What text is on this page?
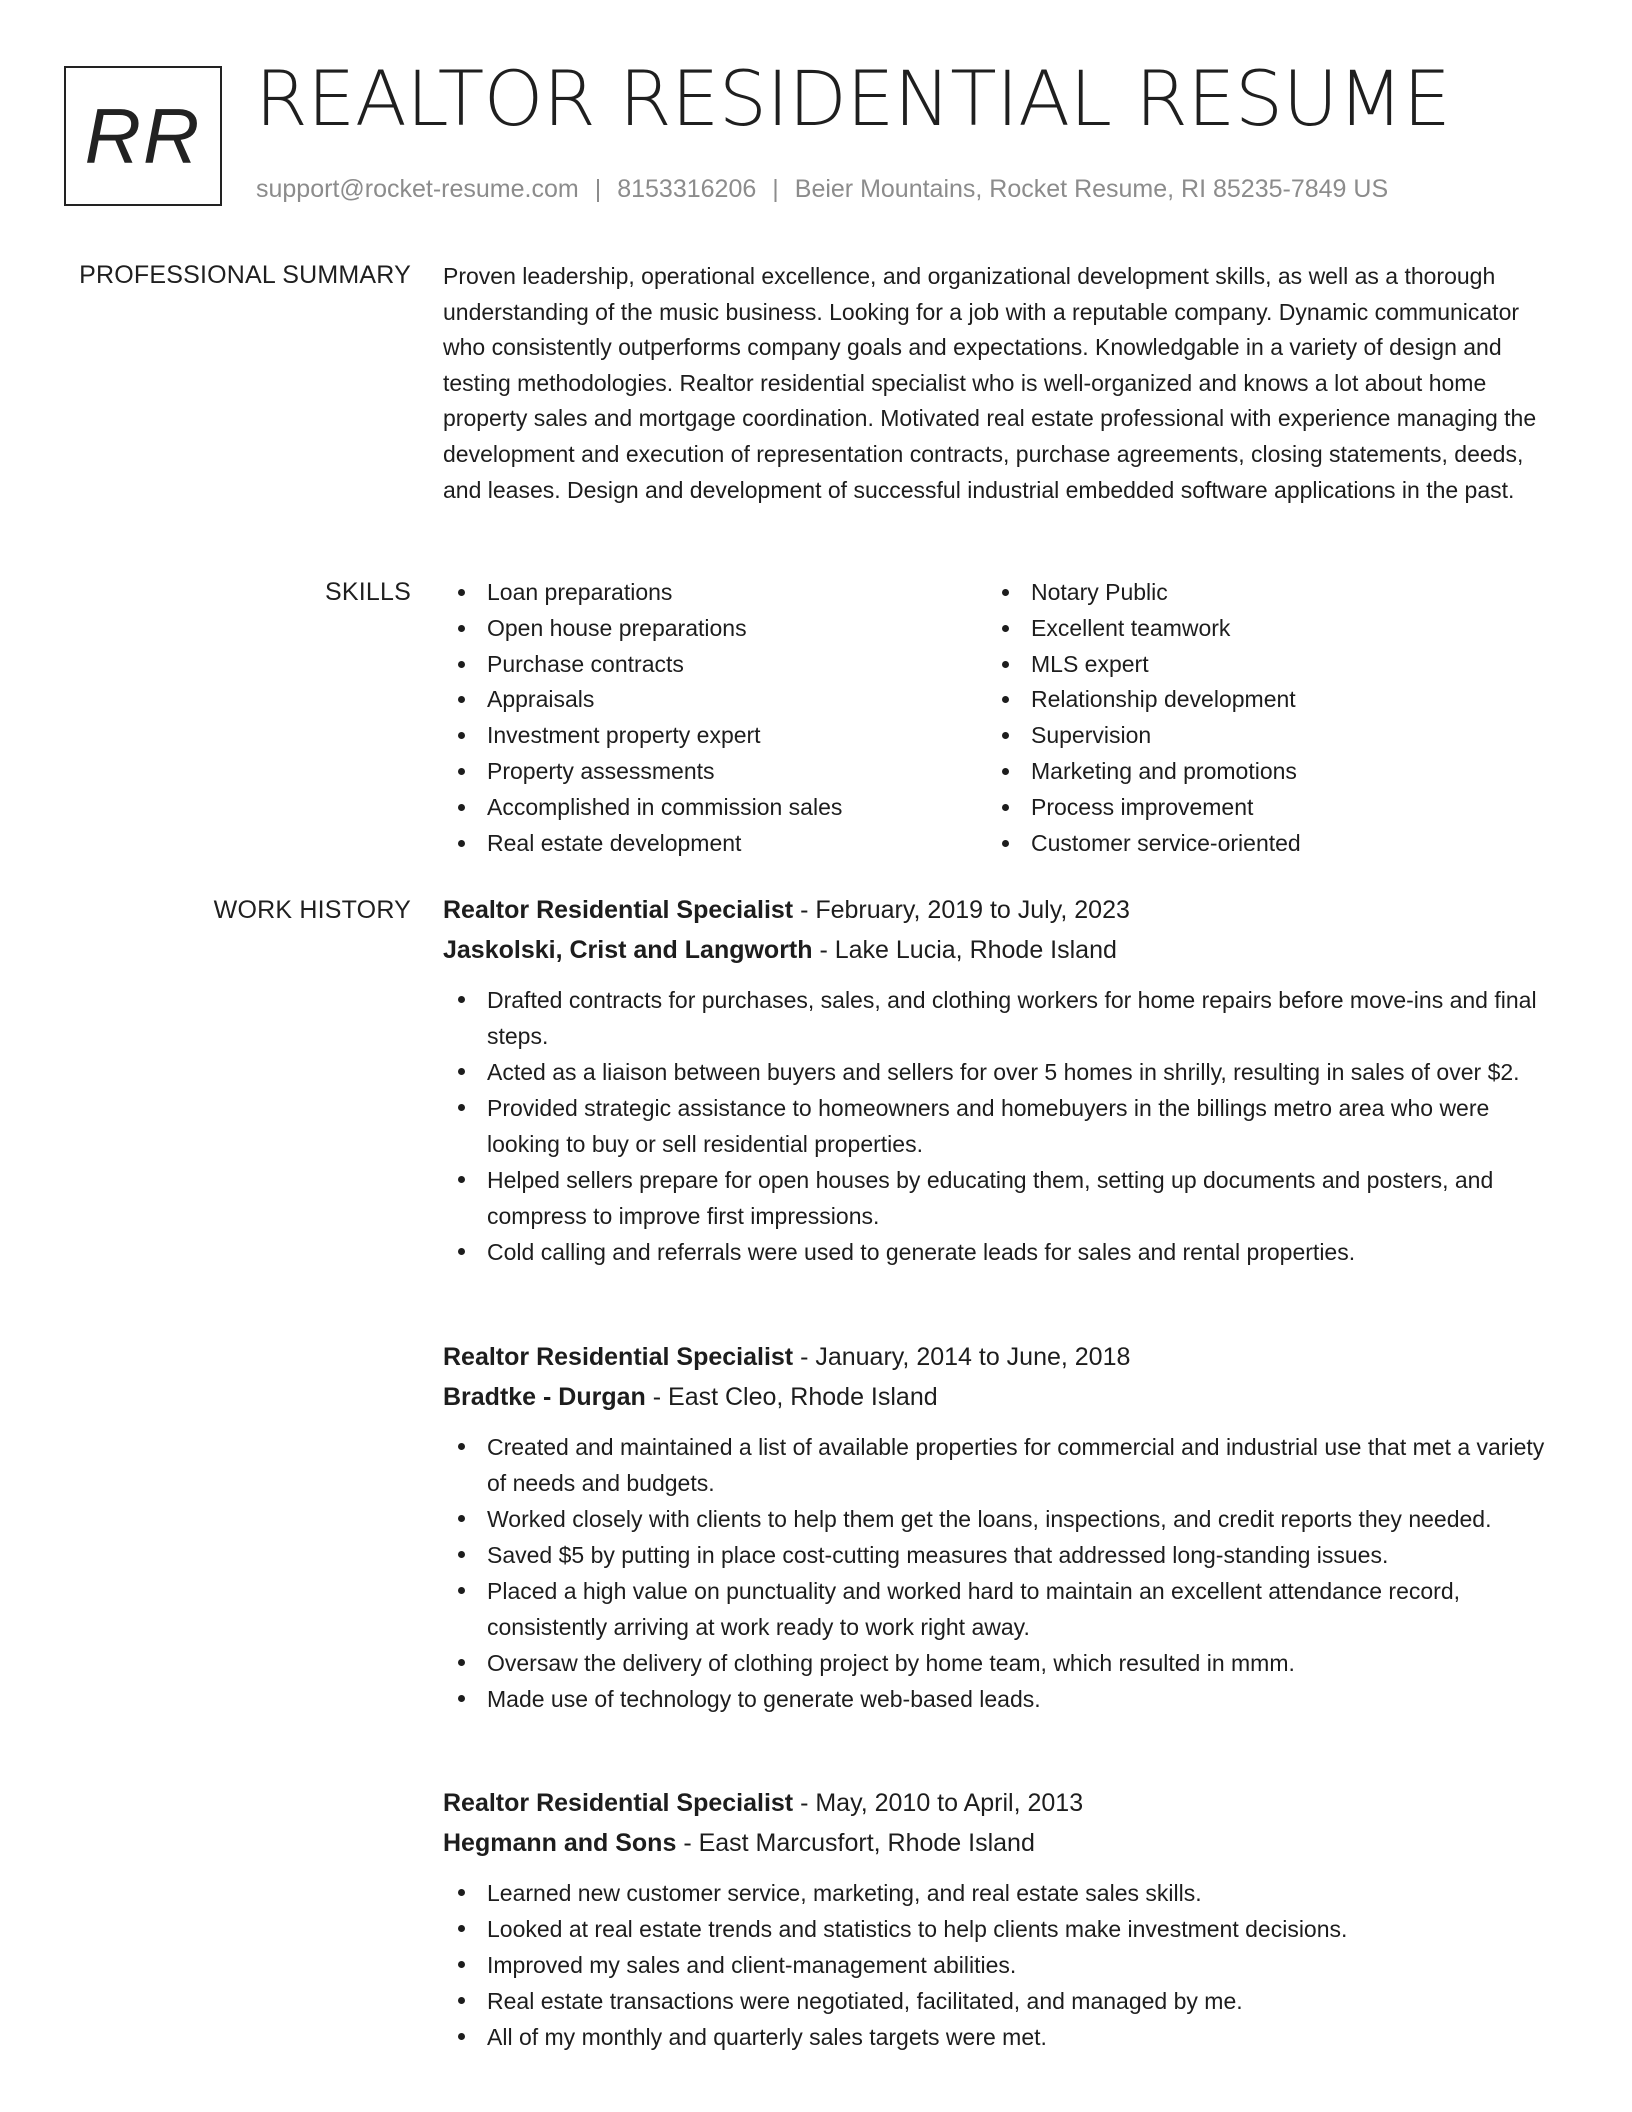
RR REALTOR RESIDENTIAL RESUME
support@rocket-resume.com | 8153316206 | Beier Mountains, Rocket Resume, RI 85235-7849 US
PROFESSIONAL SUMMARY Proven leadership, operational excellence, and organizational development skills, as well as a thorough understanding of the music business. Looking for a job with a reputable company. Dynamic communicator who consistently outperforms company goals and expectations. Knowledgable in a variety of design and testing methodologies. Realtor residential specialist who is well-organized and knows a lot about home property sales and mortgage coordination. Motivated real estate professional with experience managing the development and execution of representation contracts, purchase agreements, closing statements, deeds, and leases. Design and development of successful industrial embedded software applications in the past.

SKILLS	Loan preparations
Open house preparations
Purchase contracts
Appraisals
Investment property expert
Property assessments
Accomplished in commission sales
Real estate development
Notary Public
Excellent teamwork
MLS expert
Relationship development
Supervision
Marketing and promotions
Process improvement
Customer service-oriented
WORK HISTORY Realtor Residential Specialist - February, 2019 to July, 2023
Jaskolski, Crist and Langworth - Lake Lucia, Rhode Island
Drafted contracts for purchases, sales, and clothing workers for home repairs before move-ins and final steps.
Acted as a liaison between buyers and sellers for over 5 homes in shrilly, resulting in sales of over $2.
Provided strategic assistance to homeowners and homebuyers in the billings metro area who were looking to buy or sell residential properties.
Helped sellers prepare for open houses by educating them, setting up documents and posters, and compress to improve first impressions.
Cold calling and referrals were used to generate leads for sales and rental properties.
Realtor Residential Specialist - January, 2014 to June, 2018
Bradtke - Durgan - East Cleo, Rhode Island
Created and maintained a list of available properties for commercial and industrial use that met a variety of needs and budgets.
Worked closely with clients to help them get the loans, inspections, and credit reports they needed.
Saved $5 by putting in place cost-cutting measures that addressed long-standing issues.
Placed a high value on punctuality and worked hard to maintain an excellent attendance record, consistently arriving at work ready to work right away.
Oversaw the delivery of clothing project by home team, which resulted in mmm.
Made use of technology to generate web-based leads.
Realtor Residential Specialist - May, 2010 to April, 2013
Hegmann and Sons - East Marcusfort, Rhode Island
Learned new customer service, marketing, and real estate sales skills.
Looked at real estate trends and statistics to help clients make investment decisions.
Improved my sales and client-management abilities.
Real estate transactions were negotiated, facilitated, and managed by me.
All of my monthly and quarterly sales targets were met.
